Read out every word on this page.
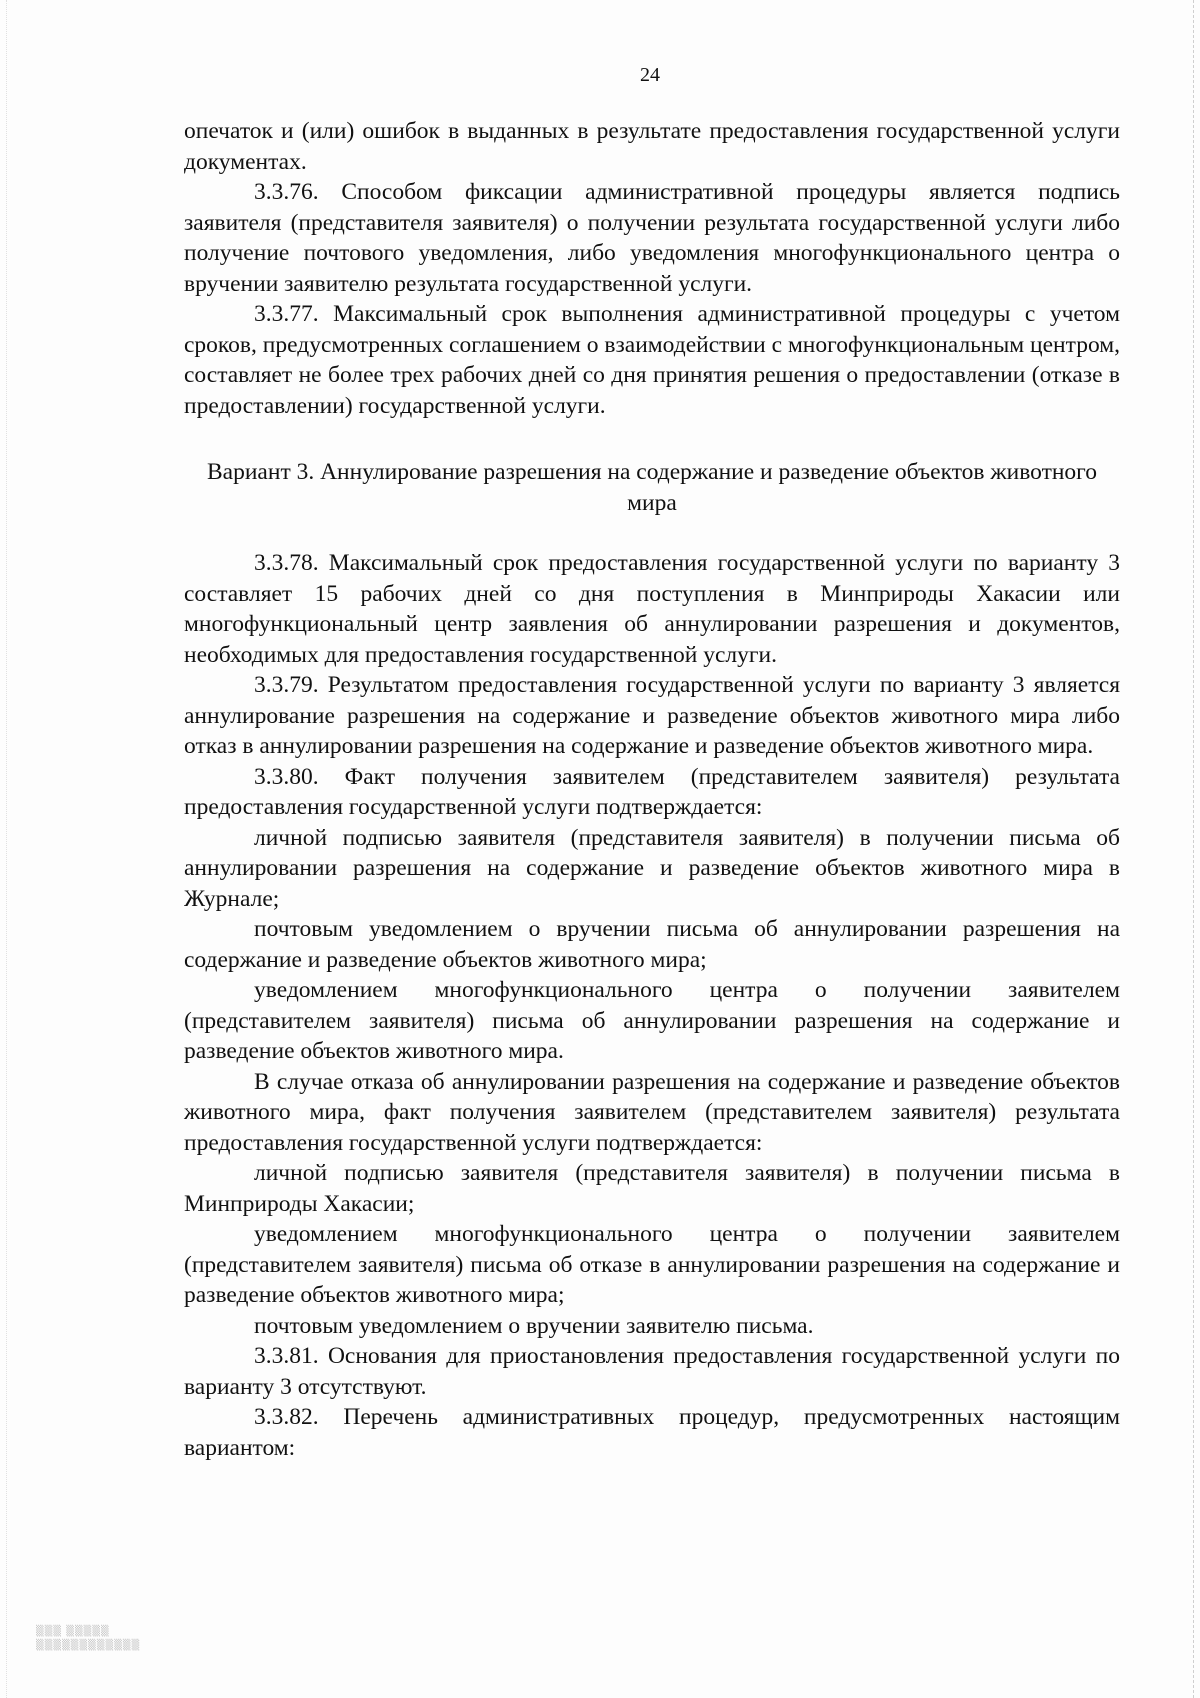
24

опечаток и (или) ошибок в выданных в результате предоставления государственной услуги документах.

3.3.76. Способом фиксации административной процедуры является подпись заявителя (представителя заявителя) о получении результата государственной услуги либо получение почтового уведомления, либо уведомления многофункционального центра о вручении заявителю результата государственной услуги.

3.3.77. Максимальный срок выполнения административной процедуры с учетом сроков, предусмотренных соглашением о взаимодействии с многофункциональным центром, составляет не более трех рабочих дней со дня принятия решения о предоставлении (отказе в предоставлении) государственной услуги.

Вариант 3. Аннулирование разрешения на содержание и разведение объектов животного мира

3.3.78. Максимальный срок предоставления государственной услуги по варианту 3 составляет 15 рабочих дней со дня поступления в Минприроды Хакасии или многофункциональный центр заявления об аннулировании разрешения и документов, необходимых для предоставления государственной услуги.

3.3.79. Результатом предоставления государственной услуги по варианту 3 является аннулирование разрешения на содержание и разведение объектов животного мира либо отказ в аннулировании разрешения на содержание и разведение объектов животного мира.

3.3.80. Факт получения заявителем (представителем заявителя) результата предоставления государственной услуги подтверждается:

личной подписью заявителя (представителя заявителя) в получении письма об аннулировании разрешения на содержание и разведение объектов животного мира в Журнале;

почтовым уведомлением о вручении письма об аннулировании разрешения на содержание и разведение объектов животного мира;

уведомлением многофункционального центра о получении заявителем (представителем заявителя) письма об аннулировании разрешения на содержание и разведение объектов животного мира.

В случае отказа об аннулировании разрешения на содержание и разведение объектов животного мира, факт получения заявителем (представителем заявителя) результата предоставления государственной услуги подтверждается:

личной подписью заявителя (представителя заявителя) в получении письма в Минприроды Хакасии;

уведомлением многофункционального центра о получении заявителем (представителем заявителя) письма об отказе в аннулировании разрешения на содержание и разведение объектов животного мира;

почтовым уведомлением о вручении заявителю письма.

3.3.81. Основания для приостановления предоставления государственной услуги по варианту 3 отсутствуют.

3.3.82. Перечень административных процедур, предусмотренных настоящим вариантом:

▒▒▒ ▒▒▒▒▒
▒▒▒▒▒▒▒▒▒▒▒▒
